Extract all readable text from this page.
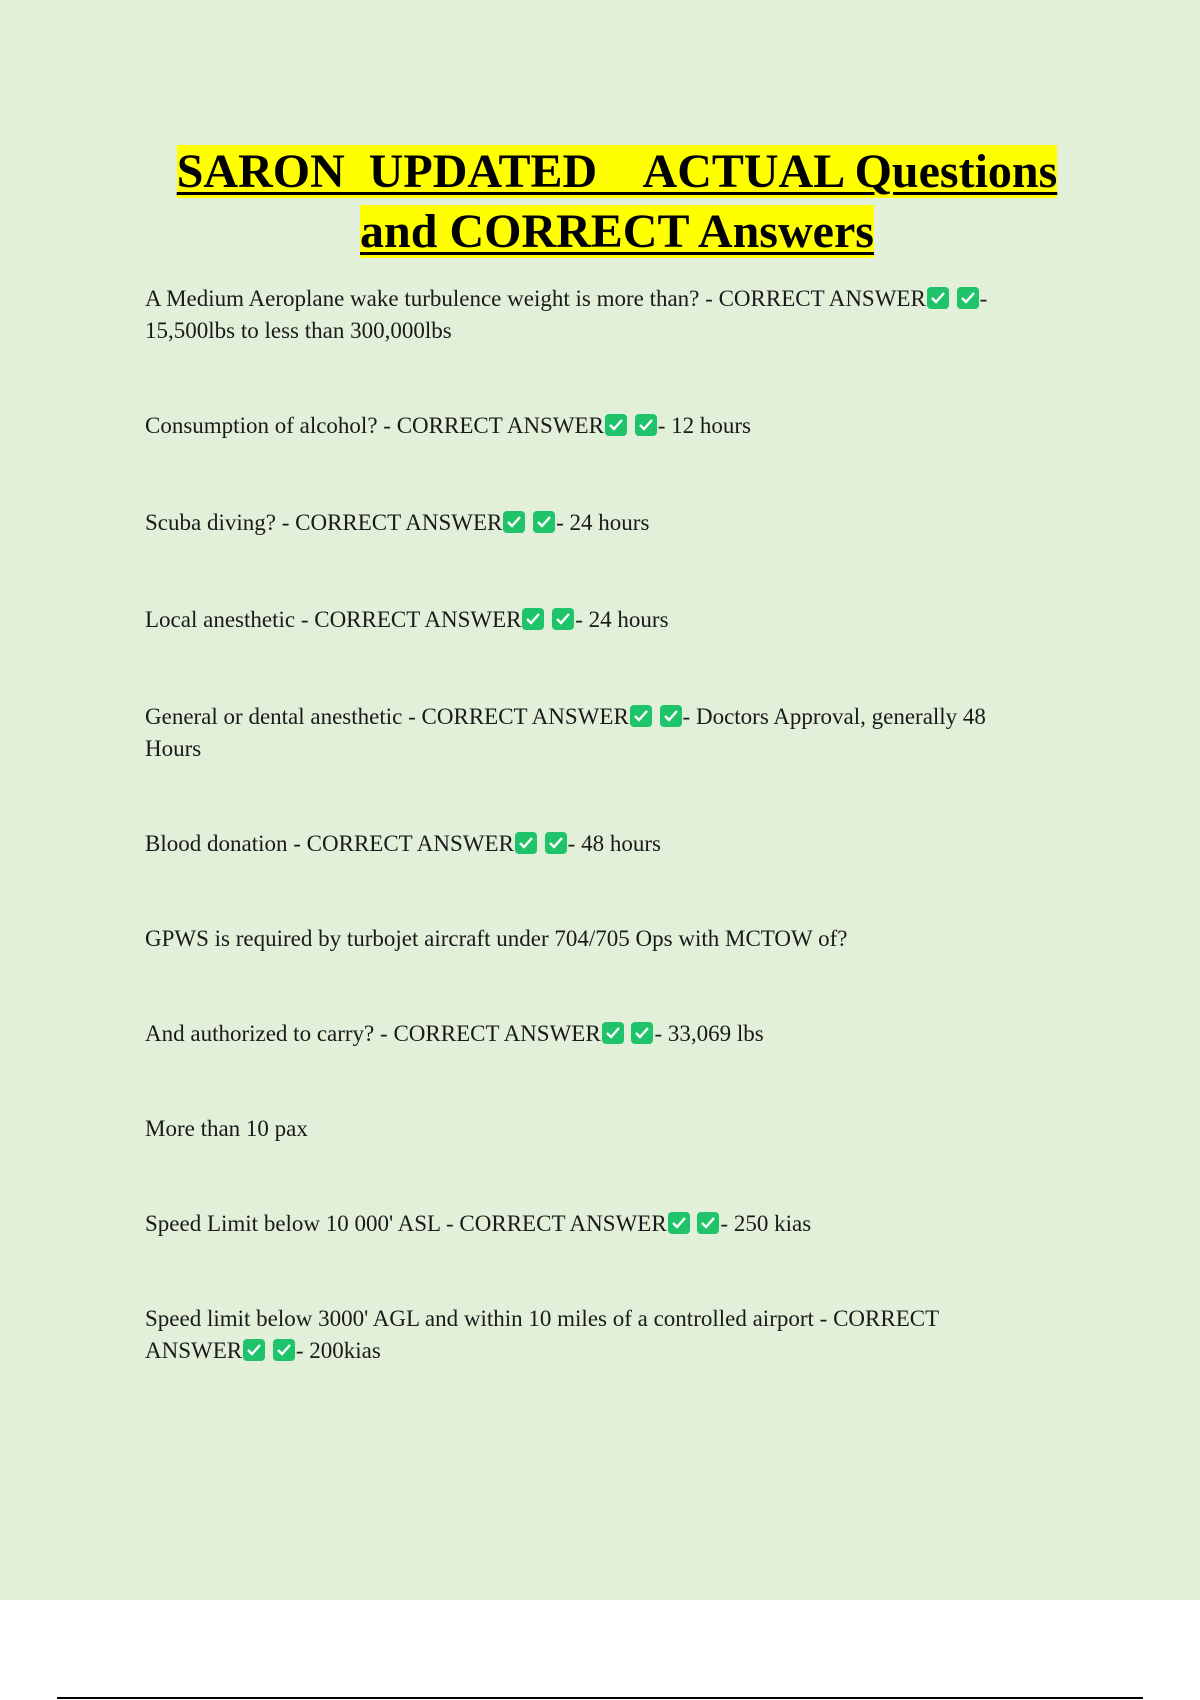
SARON  UPDATED    ACTUAL Questions
and CORRECT Answers
A Medium Aeroplane wake turbulence weight is more than? - CORRECT ANSWER
- 15,500lbs to less than 300,000lbs
Consumption of alcohol? - CORRECT ANSWER
- 12 hours
Scuba diving? - CORRECT ANSWER
- 24 hours
Local anesthetic - CORRECT ANSWER
- 24 hours
General or dental anesthetic - CORRECT ANSWER
- Doctors Approval, generally 48 Hours
Blood donation - CORRECT ANSWER
- 48 hours
GPWS is required by turbojet aircraft under 704/705 Ops with MCTOW of?
And authorized to carry? - CORRECT ANSWER
- 33,069 lbs
More than 10 pax
Speed Limit below 10 000' ASL - CORRECT ANSWER
- 250 kias
Speed limit below 3000' AGL and within 10 miles of a controlled airport - CORRECT ANSWER
- 200kias
